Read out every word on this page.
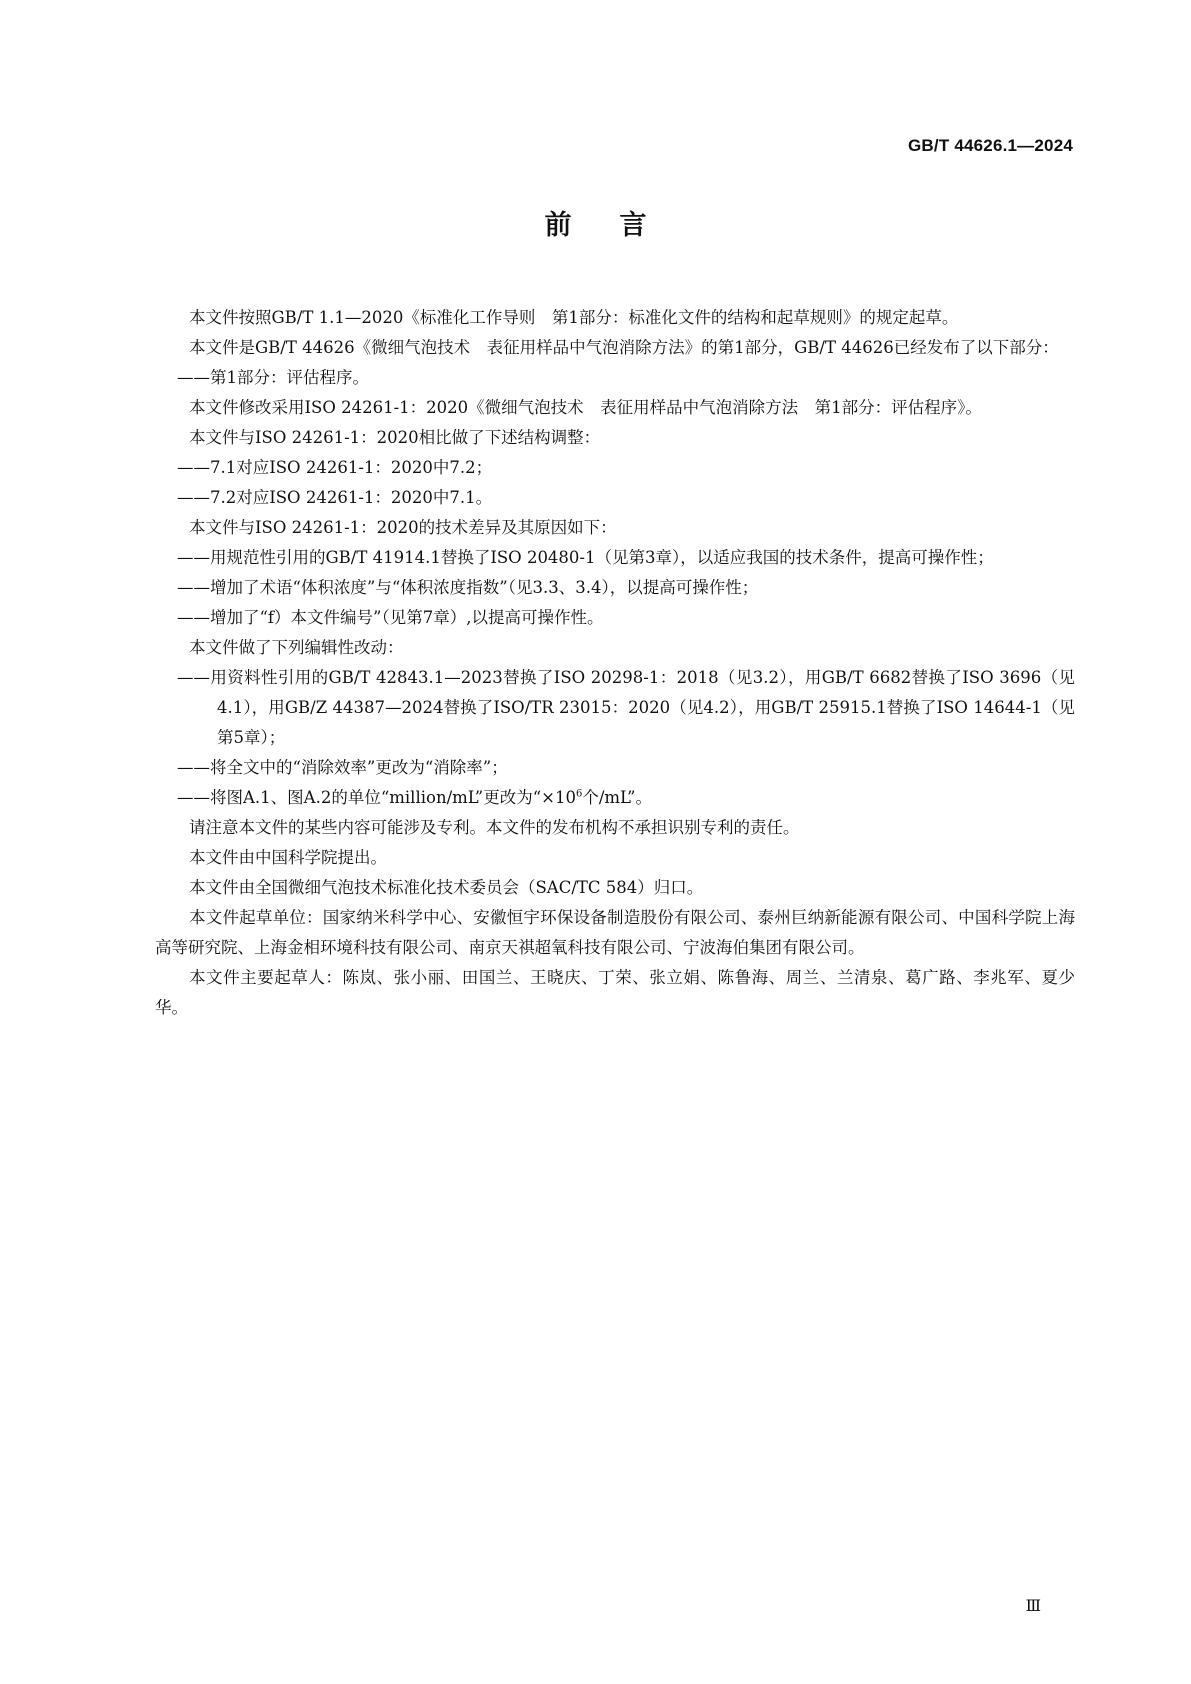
GB/T 44626.1—2024
前 言

本文件按照GB/T 1.1—2020《标准化工作导则　第1部分：标准化文件的结构和起草规则》的规定起草。

本文件是GB/T 44626《微细气泡技术　表征用样品中气泡消除方法》的第1部分，GB/T 44626已经发布了以下部分：

——第1部分：评估程序。

本文件修改采用ISO 24261-1：2020《微细气泡技术　表征用样品中气泡消除方法　第1部分：评估程序》。

本文件与ISO 24261-1：2020相比做了下述结构调整：

——7.1对应ISO 24261-1：2020中7.2；

——7.2对应ISO 24261-1：2020中7.1。

本文件与ISO 24261-1：2020的技术差异及其原因如下：

——用规范性引用的GB/T 41914.1替换了ISO 20480-1（见第3章），以适应我国的技术条件，提高可操作性；

——增加了术语“体积浓度”与“体积浓度指数”（见3.3、3.4），以提高可操作性；

——增加了“f）本文件编号”（见第7章）,以提高可操作性。

本文件做了下列编辑性改动：

——用资料性引用的GB/T 42843.1—2023替换了ISO 20298-1：2018（见3.2），用GB/T 6682替换了ISO 3696（见4.1），用GB/Z 44387—2024替换了ISO/TR 23015：2020（见4.2），用GB/T 25915.1替换了ISO 14644-1（见第5章）；

——将全文中的“消除效率”更改为“消除率”；

——将图A.1、图A.2的单位“million/mL”更改为“$\times 10^6$个/mL”。

请注意本文件的某些内容可能涉及专利。本文件的发布机构不承担识别专利的责任。

本文件由中国科学院提出。

本文件由全国微细气泡技术标准化技术委员会（SAC/TC 584）归口。

本文件起草单位：国家纳米科学中心、安徽恒宇环保设备制造股份有限公司、泰州巨纳新能源有限公司、中国科学院上海高等研究院、上海金相环境科技有限公司、南京天祺超氧科技有限公司、宁波海伯集团有限公司。

本文件主要起草人：陈岚、张小丽、田国兰、王晓庆、丁荣、张立娟、陈鲁海、周兰、兰清泉、葛广路、李兆军、夏少华。

Ⅲ
